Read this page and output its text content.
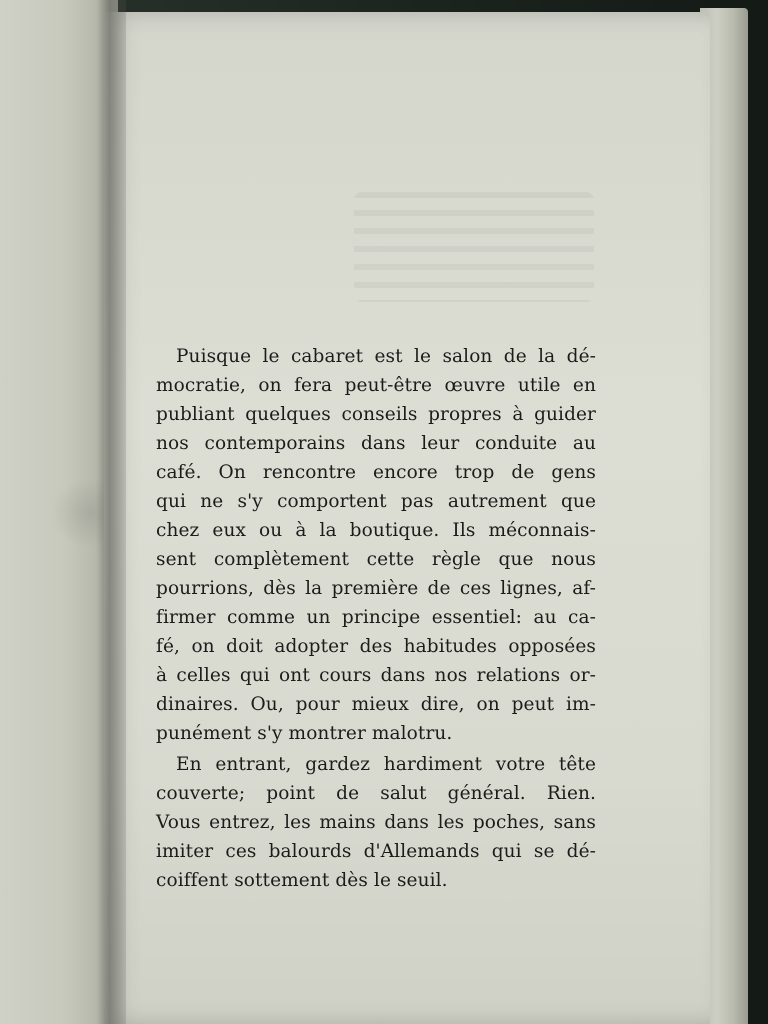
Puisque le cabaret est le salon de la dé-
mocratie, on fera peut-être œuvre utile en
publiant quelques conseils propres à guider
nos contemporains dans leur conduite au
café. On rencontre encore trop de gens
qui ne s'y comportent pas autrement que
chez eux ou à la boutique. Ils méconnais-
sent complètement cette règle que nous
pourrions, dès la première de ces lignes, af-
firmer comme un principe essentiel: au ca-
fé, on doit adopter des habitudes opposées
à celles qui ont cours dans nos relations or-
dinaires. Ou, pour mieux dire, on peut im-
punément s'y montrer malotru.

En entrant, gardez hardiment votre tête
couverte; point de salut général. Rien.
Vous entrez, les mains dans les poches, sans
imiter ces balourds d'Allemands qui se dé-
coiffent sottement dès le seuil.
